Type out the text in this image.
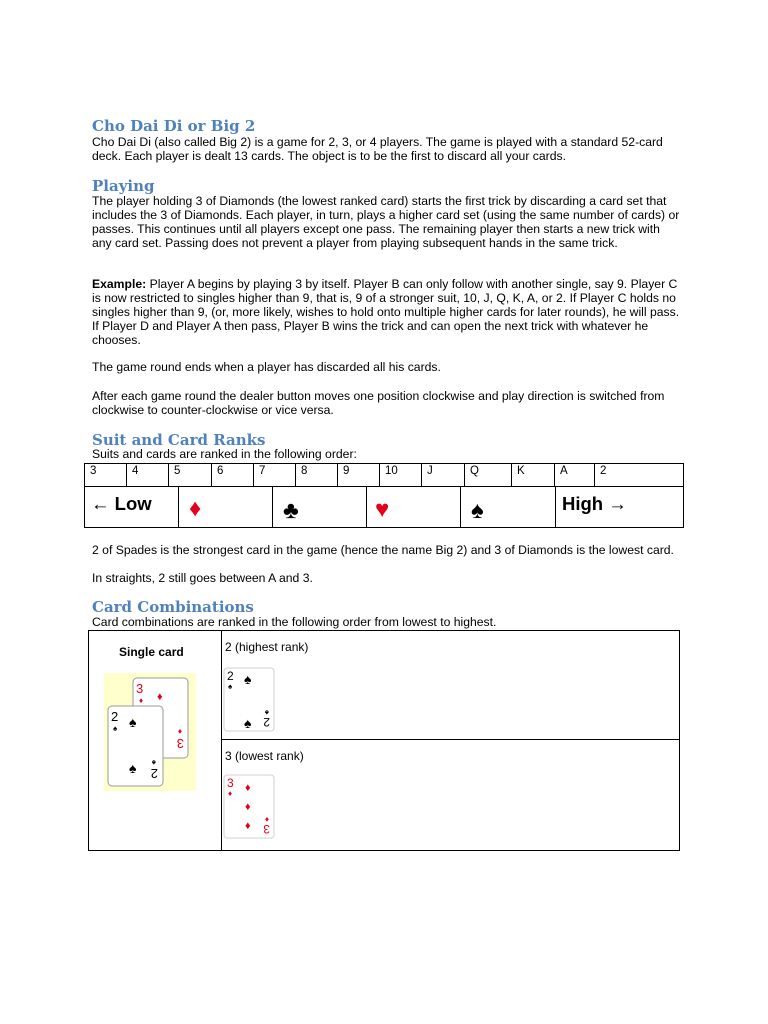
Cho Dai Di or Big 2

Cho Dai Di (also called Big 2) is a game for 2, 3, or 4 players. The game is played with a standard 52-card deck. Each player is dealt 13 cards. The object is to be the first to discard all your cards.

Playing

The player holding 3 of Diamonds (the lowest ranked card) starts the first trick by discarding a card set that includes the 3 of Diamonds. Each player, in turn, plays a higher card set (using the same number of cards) or passes. This continues until all players except one pass. The remaining player then starts a new trick with any card set. Passing does not prevent a player from playing subsequent hands in the same trick.

Example: Player A begins by playing 3 by itself. Player B can only follow with another single, say 9. Player C is now restricted to singles higher than 9, that is, 9 of a stronger suit, 10, J, Q, K, A, or 2. If Player C holds no singles higher than 9, (or, more likely, wishes to hold onto multiple higher cards for later rounds), he will pass. If Player D and Player A then pass, Player B wins the trick and can open the next trick with whatever he chooses.

The game round ends when a player has discarded all his cards.

After each game round the dealer button moves one position clockwise and play direction is switched from clockwise to counter-clockwise or vice versa.

Suit and Card Ranks

Suits and cards are ranked in the following order:

3	4	5	6	7	8	9	10	J	Q	K	A	2
← Low ♦	♣	♥	♠	High →

2 of Spades is the strongest card in the game (hence the name Big 2) and 3 of Diamonds is the lowest card.

In straights, 2 still goes between A and 3.

Card Combinations

Card combinations are ranked in the following order from lowest to highest.

Single card
3
♦ ♦
♦
3
2
♠ ♠
♠ ♠
2
2 (highest rank)
2
♠ ♠
♠
♠
2
3 (lowest rank)
3
♦ ♦
♦
♦
♦
3
